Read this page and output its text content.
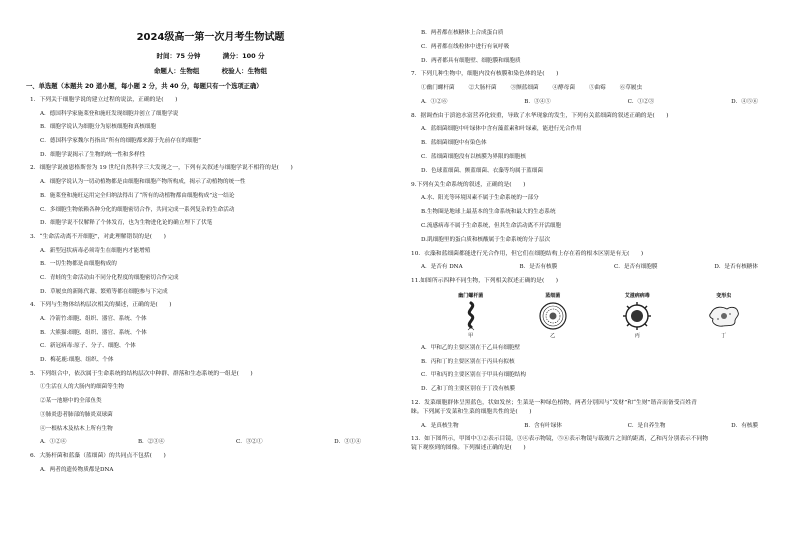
2024级高一第一次月考生物试题
时间：75 分钟	满分：100 分
命题人：生物组	校验人：生物组
一、单选题（本题共 20 道小题，每小题 2 分，共 40 分，每题只有一个选项正确）
1．下列关于细胞学说的建立过程的说法，正确的是(　　)
A．德国科学家施莱登和施旺发现细胞并创立了细胞学说
B．细胞学说认为细胞分为原核细胞和真核细胞
C．德国科学家魏尔肖指出“所有的细胞都来源于先前存在的细胞”
D．细胞学说揭示了生物的统一性和多样性
2．细胞学说被恩格斯誉为 19 世纪自然科学三大发现之一，下列有关叙述与细胞学说不相符的是(　　)
A．细胞学说认为一切动植物都是由细胞和细胞产物所构成，揭示了动植物的统一性
B．施莱登和施旺运用完全归纳法得出了“所有的动植物都由细胞构成”这一结论
C．多细胞生物依赖各种分化的细胞密切合作，共同完成一系列复杂的生命活动
D．细胞学说不仅解释了个体发育，也为生物进化论的确立埋下了伏笔
3．“生命活动离不开细胞”，对此理解错误的是(　　)
A．新型冠状病毒必须寄生在细胞内才能增殖
B．一切生物都是由细胞构成的
C．青蛙的生命活动由不同分化程度的细胞密切合作完成
D．草履虫的新陈代谢、繁殖等都在细胞参与下完成
4．下列与生物体结构层次相关的描述，正确的是(　　)
A．冷箭竹:细胞、组织、器官、系统、个体
B．大熊猫:细胞、组织、器官、系统、个体
C．新冠病毒:原子、分子、细胞、个体
D．梅花鹿:细胞、组织、个体
5．下列组合中，依次属于生命系统的结构层次中种群、群落和生态系统的一组是(　　)
①生活在人的大肠内的细菌等生物
②某一池塘中的全部鱼类
③肺炎患者肺部的肺炎双球菌
④一根枯木及枯木上所有生物
A．①②④	B．②③④	C．③②①	D．③①④
6．大肠杆菌和蓝藻（蓝细菌）的共同点不包括(　　)
A．两者的遗传物质都是DNA
B．两者都在核糖体上合成蛋白质
C．两者都在线粒体中进行有氧呼吸
D．两者都具有细胞壁、细胞膜和细胞质
7．下列几种生物中，细胞内没有核膜和染色体的是(　　)
①幽门螺杆菌	②大肠杆菌	③颤蓝细菌	④酵母菌	⑤曲霉	⑥草履虫
A．①②⑥	B．③④⑤	C．①②③	D．④⑤⑥
8．据调查由于滇池水富营养化较重，导致了水华现象的发生，下列有关蓝细菌的叙述正确的是(　　)
A．蓝细菌细胞中叶绿体中含有藻蓝素和叶绿素，能进行光合作用
B．蓝细菌细胞中有染色体
C．蓝细菌细胞没有以核膜为界限的细胞核
D．色球蓝细菌、颤蓝细菌、衣藻等均属于蓝细菌
9.下列有关生命系统的叙述，正确的是(　　)
A.水、阳光等环境因素不属于生命系统的一部分
B.生物圈是地球上最基本的生命系统和最大的生态系统
C.流感病毒不属于生命系统，但其生命活动离不开活细胞
D.肌细胞里的蛋白质和核酸属于生命系统的分子层次
10．衣藻和蓝细菌都能进行光合作用，但它们在细胞结构上存在着的根本区别是有无(　　)
A．是否有 DNA	B．是否有核膜	C．是否有细胞膜	D．是否有核糖体
11.如图所示四种不同生物，下列相关叙述正确的是(　　)
幽门螺杆菌
甲
蓝细菌
乙
艾滋病病毒
丙
变形虫
丁
A．甲和乙的主要区别在于乙具有细胞壁
B．丙和丁的主要区别在于丙具有拟核
C．甲和丙的主要区别在于甲具有细胞结构
D．乙和丁的主要区别在于丁没有核膜
12．发菜细胞群体呈黑蓝色，状如发丝；生菜是一种绿色植物，两者分别因与“发财”和“生财”谐音而备受百姓青
睐。下列属于发菜和生菜的细胞共性的是(　　)
A．是真核生物	B．含有叶绿体	C．是自养生物	D．有核膜
13．如下图所示，甲图中①②表示目镜，③④表示物镜，⑤⑥表示物镜与载玻片之间的距离，乙和丙分别表示不同物
镜下观察到的图像。下列描述正确的是(　　)
